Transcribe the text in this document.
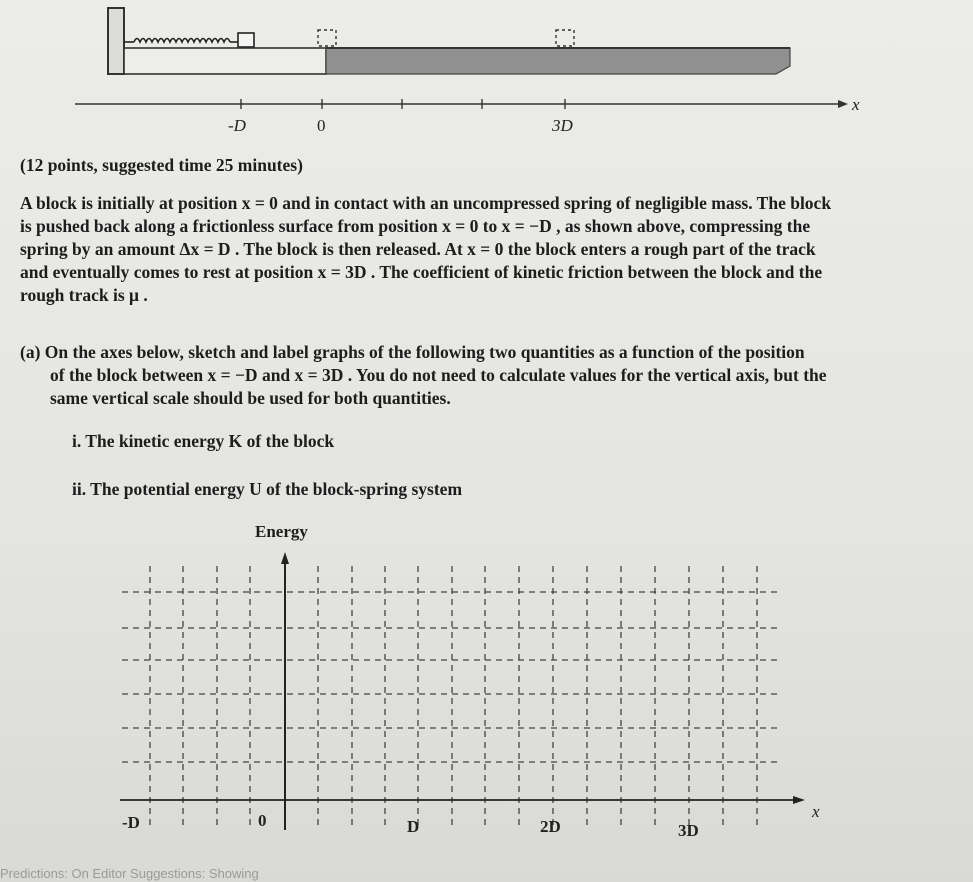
x
-D	0	3D
(12 points, suggested time 25 minutes)

A block is initially at position x = 0 and in contact with an uncompressed spring of negligible mass. The block

is pushed back along a frictionless surface from position x = 0 to x = −D , as shown above, compressing the

spring by an amount Δx = D . The block is then released. At x = 0 the block enters a rough part of the track

and eventually comes to rest at position x = 3D . The coefficient of kinetic friction between the block and the

rough track is μ .

(a) On the axes below, sketch and label graphs of the following two quantities as a function of the position

of the block between x = −D and x = 3D . You do not need to calculate values for the vertical axis, but the

same vertical scale should be used for both quantities.

i. The kinetic energy K of the block
ii. The potential energy U of the block-spring system
Energy
x
-D	0	D	2D	3D
Predictions: On Editor Suggestions: Showing
